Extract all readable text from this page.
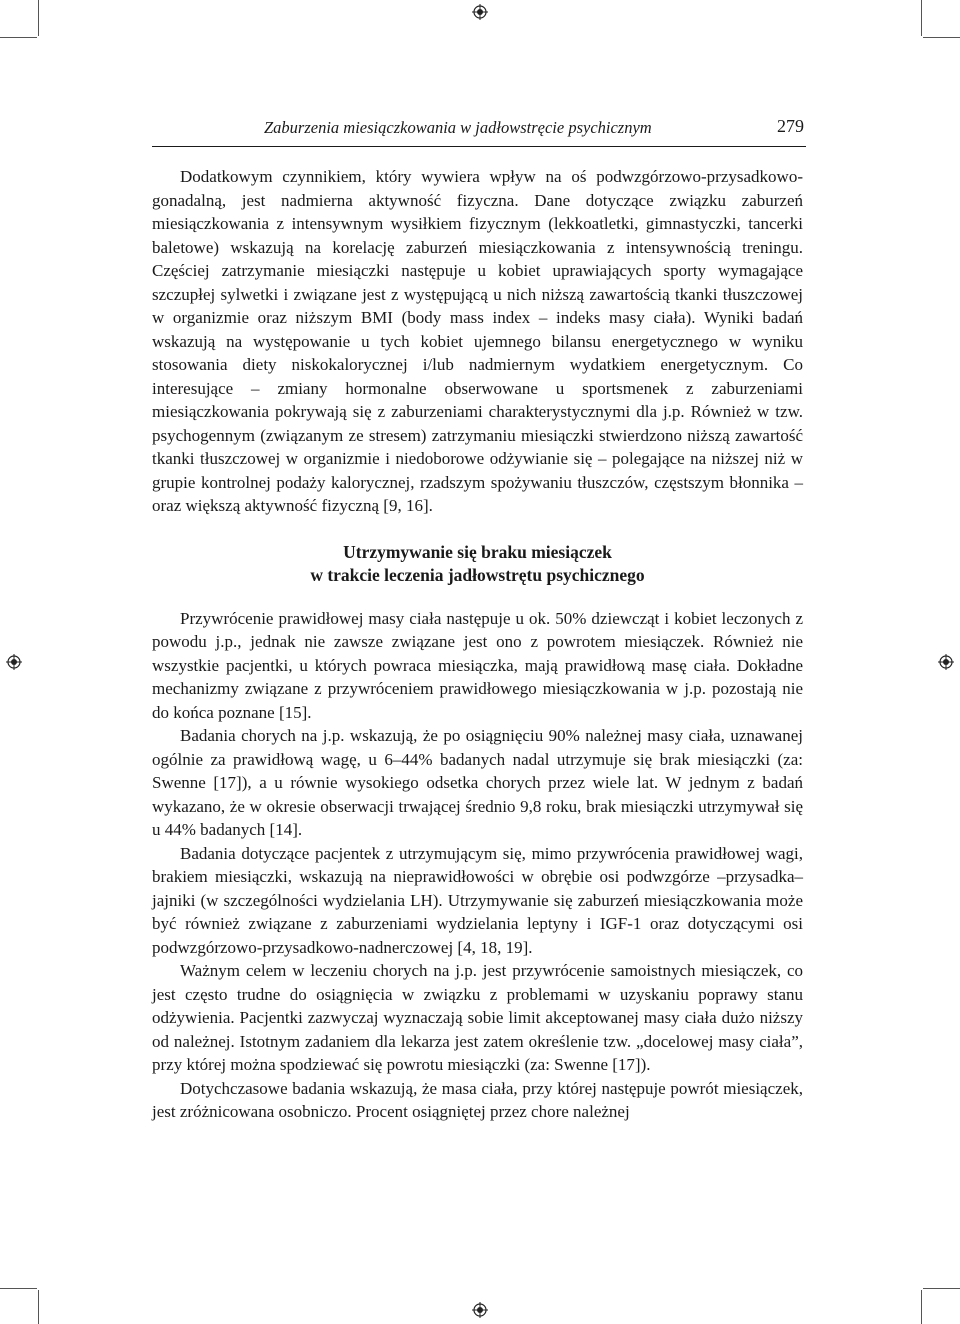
Zaburzenia miesiączkowania w jadłowstręcie psychicznym	279

Dodatkowym czynnikiem, który wywiera wpływ na oś podwzgórzowo-przysadkowo-gonadalną, jest nadmierna aktywność fizyczna. Dane dotyczące związku zaburzeń miesiączkowania z intensywnym wysiłkiem fizycznym (lekkoatletki, gimnastyczki, tancerki baletowe) wskazują na korelację zaburzeń miesiączkowania z intensywnością treningu. Częściej zatrzymanie miesiączki następuje u kobiet uprawiających sporty wymagające szczupłej sylwetki i związane jest z występującą u nich niższą zawartością tkanki tłuszczowej w organizmie oraz niższym BMI (body mass index – indeks masy ciała). Wyniki badań wskazują na występowanie u tych kobiet ujemnego bilansu energetycznego w wyniku stosowania diety niskokalorycznej i/lub nadmiernym wydatkiem energetycznym. Co interesujące – zmiany hormonalne obserwowane u sportsmenek z zaburzeniami miesiączkowania pokrywają się z zaburzeniami charakterystycznymi dla j.p. Również w tzw. psychogennym (związanym ze stresem) zatrzymaniu miesiączki stwierdzono niższą zawartość tkanki tłuszczowej w organizmie i niedoborowe odżywianie się – polegające na niższej niż w grupie kontrolnej podaży kalorycznej, rzadszym spożywaniu tłuszczów, częstszym błonnika – oraz większą aktywność fizyczną [9, 16].

Utrzymywanie się braku miesiączek
w trakcie leczenia jadłowstrętu psychicznego

Przywrócenie prawidłowej masy ciała następuje u ok. 50% dziewcząt i kobiet leczonych z powodu j.p., jednak nie zawsze związane jest ono z powrotem miesiączek. Również nie wszystkie pacjentki, u których powraca miesiączka, mają prawidłową masę ciała. Dokładne mechanizmy związane z przywróceniem prawidłowego miesiączkowania w j.p. pozostają nie do końca poznane [15].

Badania chorych na j.p. wskazują, że po osiągnięciu 90% należnej masy ciała, uznawanej ogólnie za prawidłową wagę, u 6–44% badanych nadal utrzymuje się brak miesiączki (za: Swenne [17]), a u równie wysokiego odsetka chorych przez wiele lat. W jednym z badań wykazano, że w okresie obserwacji trwającej średnio 9,8 roku, brak miesiączki utrzymywał się u 44% badanych [14].

Badania dotyczące pacjentek z utrzymującym się, mimo przywrócenia prawidłowej wagi, brakiem miesiączki, wskazują na nieprawidłowości w obrębie osi podwzgórze –przysadka–jajniki (w szczególności wydzielania LH). Utrzymywanie się zaburzeń miesiączkowania może być również związane z zaburzeniami wydzielania leptyny i IGF-1 oraz dotyczącymi osi podwzgórzowo-przysadkowo-nadnerczowej [4, 18, 19].

Ważnym celem w leczeniu chorych na j.p. jest przywrócenie samoistnych miesiączek, co jest często trudne do osiągnięcia w związku z problemami w uzyskaniu poprawy stanu odżywienia. Pacjentki zazwyczaj wyznaczają sobie limit akceptowanej masy ciała dużo niższy od należnej. Istotnym zadaniem dla lekarza jest zatem określenie tzw. „docelowej masy ciała”, przy której można spodziewać się powrotu miesiączki (za: Swenne [17]).

Dotychczasowe badania wskazują, że masa ciała, przy której następuje powrót miesiączek, jest zróżnicowana osobniczo. Procent osiągniętej przez chore należnej
